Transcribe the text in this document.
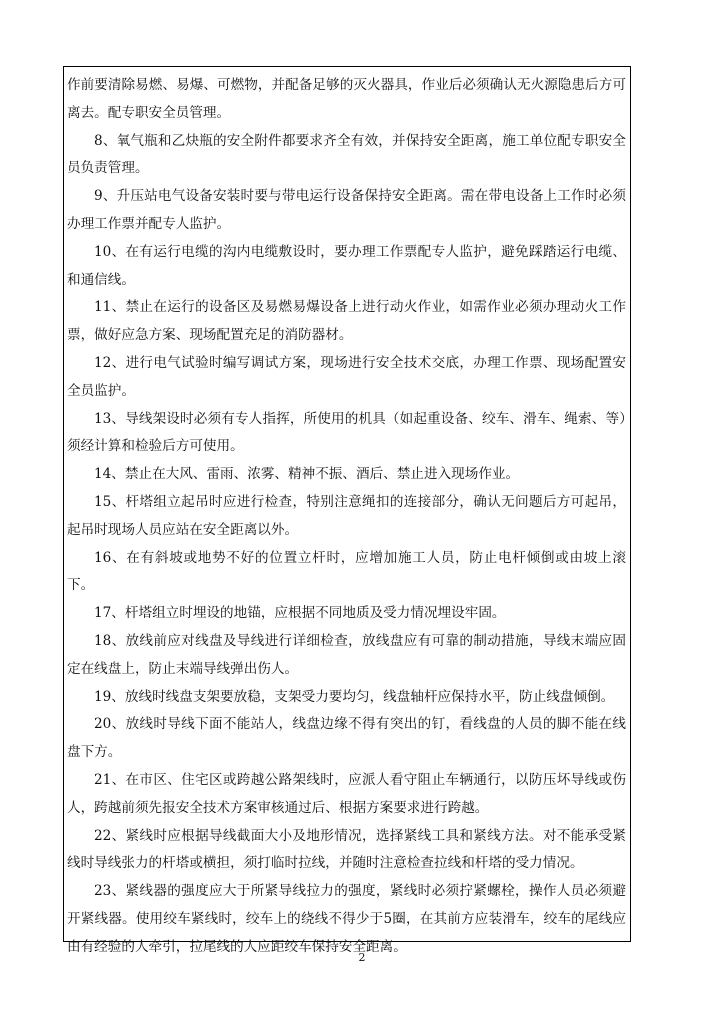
作前要清除易燃、易爆、可燃物，并配备足够的灭火器具，作业后必须确认无火源隐患后方可离去。配专职安全员管理。

8、氧气瓶和乙炔瓶的安全附件都要求齐全有效，并保持安全距离，施工单位配专职安全员负责管理。

9、升压站电气设备安装时要与带电运行设备保持安全距离。需在带电设备上工作时必须办理工作票并配专人监护。

10、在有运行电缆的沟内电缆敷设时，要办理工作票配专人监护，避免踩踏运行电缆、和通信线。

11、禁止在运行的设备区及易燃易爆设备上进行动火作业，如需作业必须办理动火工作票，做好应急方案、现场配置充足的消防器材。

12、进行电气试验时编写调试方案，现场进行安全技术交底，办理工作票、现场配置安全员监护。

13、导线架设时必须有专人指挥，所使用的机具（如起重设备、绞车、滑车、绳索、等）须经计算和检验后方可使用。

14、禁止在大风、雷雨、浓雾、精神不振、酒后、禁止进入现场作业。

15、杆塔组立起吊时应进行检查，特别注意绳扣的连接部分，确认无问题后方可起吊，起吊时现场人员应站在安全距离以外。

16、在有斜坡或地势不好的位置立杆时，应增加施工人员，防止电杆倾倒或由坡上滚下。

17、杆塔组立时埋设的地锚，应根据不同地质及受力情况埋设牢固。

18、放线前应对线盘及导线进行详细检查，放线盘应有可靠的制动措施，导线末端应固定在线盘上，防止末端导线弹出伤人。

19、放线时线盘支架要放稳，支架受力要均匀，线盘轴杆应保持水平，防止线盘倾倒。

20、放线时导线下面不能站人，线盘边缘不得有突出的钉，看线盘的人员的脚不能在线盘下方。

21、在市区、住宅区或跨越公路架线时，应派人看守阻止车辆通行，以防压坏导线或伤人，跨越前须先报安全技术方案审核通过后、根据方案要求进行跨越。

22、紧线时应根据导线截面大小及地形情况，选择紧线工具和紧线方法。对不能承受紧线时导线张力的杆塔或横担，须打临时拉线，并随时注意检查拉线和杆塔的受力情况。

23、紧线器的强度应大于所紧导线拉力的强度，紧线时必须拧紧螺栓，操作人员必须避开紧线器。使用绞车紧线时，绞车上的绕线不得少于5圈，在其前方应装滑车，绞车的尾线应由有经验的人牵引，拉尾线的人应距绞车保持安全距离。

2
